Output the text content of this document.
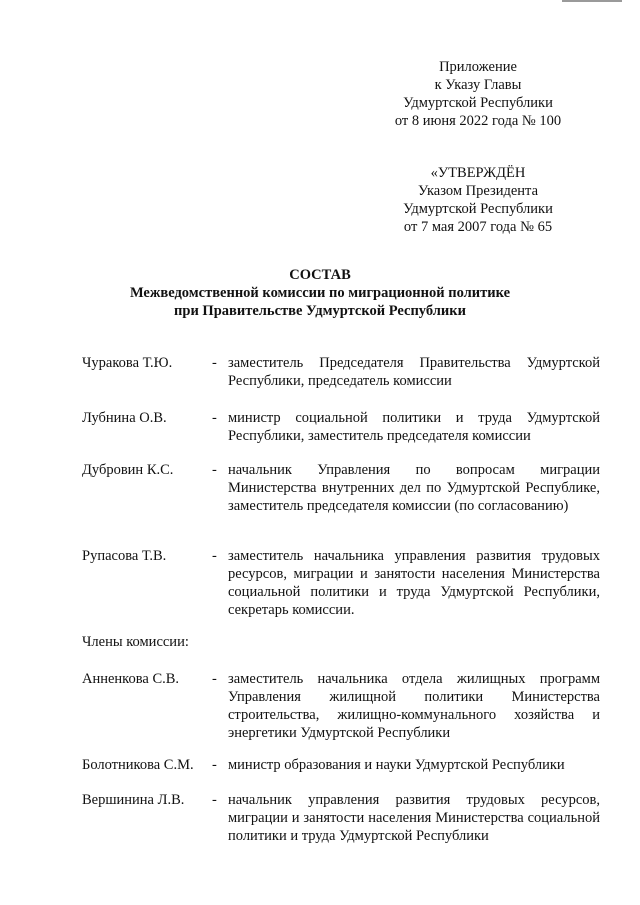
Приложение
к Указу Главы
Удмуртской Республики
от 8 июня 2022 года № 100
«УТВЕРЖДЁН
Указом Президента
Удмуртской Республики
от 7 мая 2007 года № 65
СОСТАВ
Межведомственной комиссии по миграционной политике
при Правительстве Удмуртской Республики
Чуракова Т.Ю.	- заместитель Председателя Правительства Удмуртской Республики, председатель комиссии
Лубнина О.В.	- министр социальной политики и труда Удмуртской Республики, заместитель председателя комиссии
Дубровин К.С.	- начальник Управления по вопросам миграции Министерства внутренних дел по Удмуртской Республике, заместитель председателя комиссии (по согласованию)
Рупасова Т.В.	- заместитель начальника управления развития трудовых ресурсов, миграции и занятости населения Министерства социальной политики и труда Удмуртской Республики, секретарь комиссии.
Члены комиссии:
Анненкова С.В.	- заместитель начальника отдела жилищных программ Управления жилищной политики Министерства строительства, жилищно-коммунального хозяйства и энергетики Удмуртской Республики
Болотникова С.М.	- министр образования и науки Удмуртской Республики
Вершинина Л.В.	- начальник управления развития трудовых ресурсов, миграции и занятости населения Министерства социальной политики и труда Удмуртской Республики
